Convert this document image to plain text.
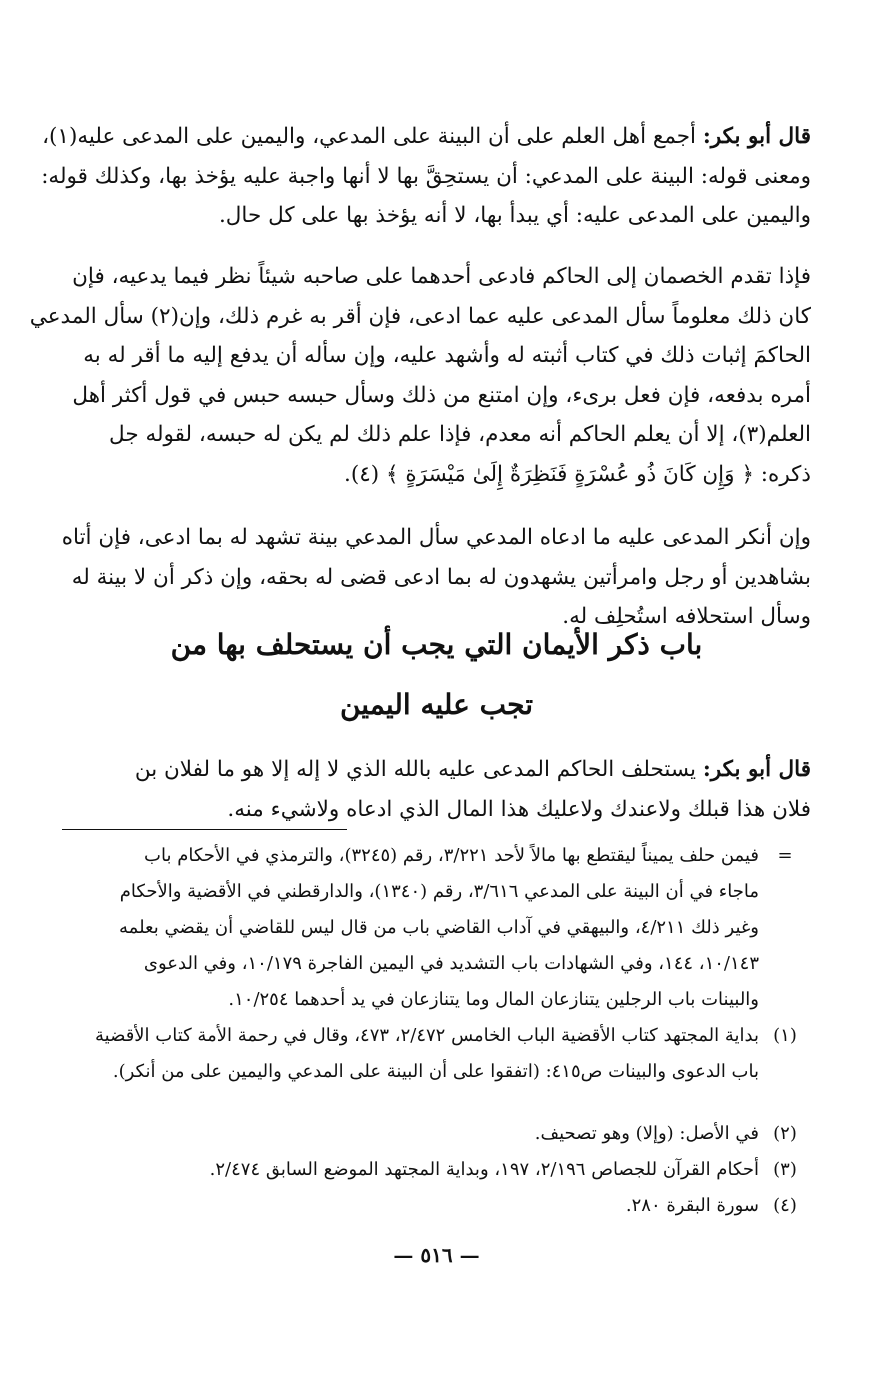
قال أبو بكر: أجمع أهل العلم على أن البينة على المدعي، واليمين على المدعى عليه(١)،
ومعنى قوله: البينة على المدعي: أن يستحِقَّ بها لا أنها واجبة عليه يؤخذ بها، وكذلك قوله:
واليمين على المدعى عليه: أي يبدأ بها، لا أنه يؤخذ بها على كل حال.
فإذا تقدم الخصمان إلى الحاكم فادعى أحدهما على صاحبه شيئاً نظر فيما يدعيه، فإن
كان ذلك معلوماً سأل المدعى عليه عما ادعى، فإن أقر به غرم ذلك، وإن(٢) سأل المدعي
الحاكمَ إثبات ذلك في كتاب أثبته له وأشهد عليه، وإن سأله أن يدفع إليه ما أقر له به
أمره بدفعه، فإن فعل برىء، وإن امتنع من ذلك وسأل حبسه حبس في قول أكثر أهل
العلم(٣)، إلا أن يعلم الحاكم أنه معدم، فإذا علم ذلك لم يكن له حبسه، لقوله جل
ذكره: ﴿ وَإِن كَانَ ذُو عُسْرَةٍ فَنَظِرَةٌ إِلَىٰ مَيْسَرَةٍ ﴾ (٤).
وإن أنكر المدعى عليه ما ادعاه المدعي سأل المدعي بينة تشهد له بما ادعى، فإن أتاه
بشاهدين أو رجل وامرأتين يشهدون له بما ادعى قضى له بحقه، وإن ذكر أن لا بينة له
وسأل استحلافه استُحلِف له.
باب ذكر الأيمان التي يجب أن يستحلف بها من
تجب عليه اليمين
قال أبو بكر: يستحلف الحاكم المدعى عليه بالله الذي لا إله إلا هو ما لفلان بن
فلان هذا قبلك ولاعندك ولاعليك هذا المال الذي ادعاه ولاشيء منه.
=
فيمن حلف يميناً ليقتطع بها مالاً لأحد ٣/٢٢١، رقم (٣٢٤٥)، والترمذي في الأحكام باب
ماجاء في أن البينة على المدعي ٣/٦١٦، رقم (١٣٤٠)، والدارقطني في الأقضية والأحكام
وغير ذلك ٤/٢١١، والبيهقي في آداب القاضي باب من قال ليس للقاضي أن يقضي بعلمه
١٠/١٤٣، ١٤٤، وفي الشهادات باب التشديد في اليمين الفاجرة ١٠/١٧٩، وفي الدعوى
والبينات باب الرجلين يتنازعان المال وما يتنازعان في يد أحدهما ١٠/٢٥٤.
(١)
بداية المجتهد كتاب الأقضية الباب الخامس ٢/٤٧٢، ٤٧٣، وقال في رحمة الأمة كتاب الأقضية
باب الدعوى والبينات ص٤١٥: (اتفقوا على أن البينة على المدعي واليمين على من أنكر).
(٢)
في الأصل: (وإلا) وهو تصحيف.
(٣)
أحكام القرآن للجصاص ٢/١٩٦، ١٩٧، وبداية المجتهد الموضع السابق ٢/٤٧٤.
(٤)
سورة البقرة ٢٨٠.
— ٥١٦ —
